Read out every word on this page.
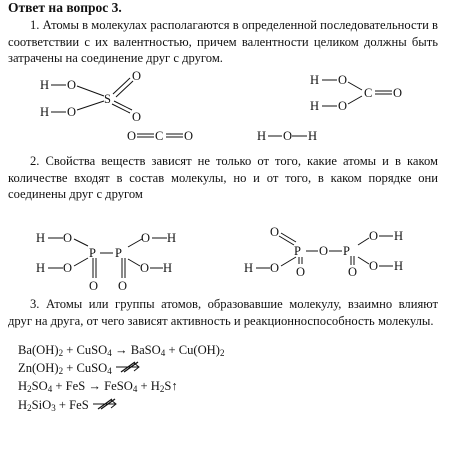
Ответ на вопрос 3.
1. Атомы в молекулах располагаются в определенной последовательности в соответствии с их валентностью, причем валентности целиком должны быть затрачены на соединение друг с другом.
2. Свойства веществ зависят не только от того, какие атомы и в каком количестве входят в состав молекулы, но и от того, в каком порядке они соединены друг с другом
3. Атомы или группы атомов, образовавшие молекулу, взаимно влияют друг на друга, от чего зависят активность и реакционноспособность молекулы.
H O
H O
S
O
O
H O
H O
C O
O C O	H O H
H O
H O
P P
O O
O H
O H
O
H O
P O P
O	O
O H
O H
$Ba(OH)_2$ + CuSO$_4$ → BaSO$_4$ + $Cu(OH)_2$
$Zn(OH)_2$ + CuSO$_4$
$H_2SO_4$ + FeS → FeSO$_4$ + $H_2S↑$
$H_2SiO_3$ + FeS
